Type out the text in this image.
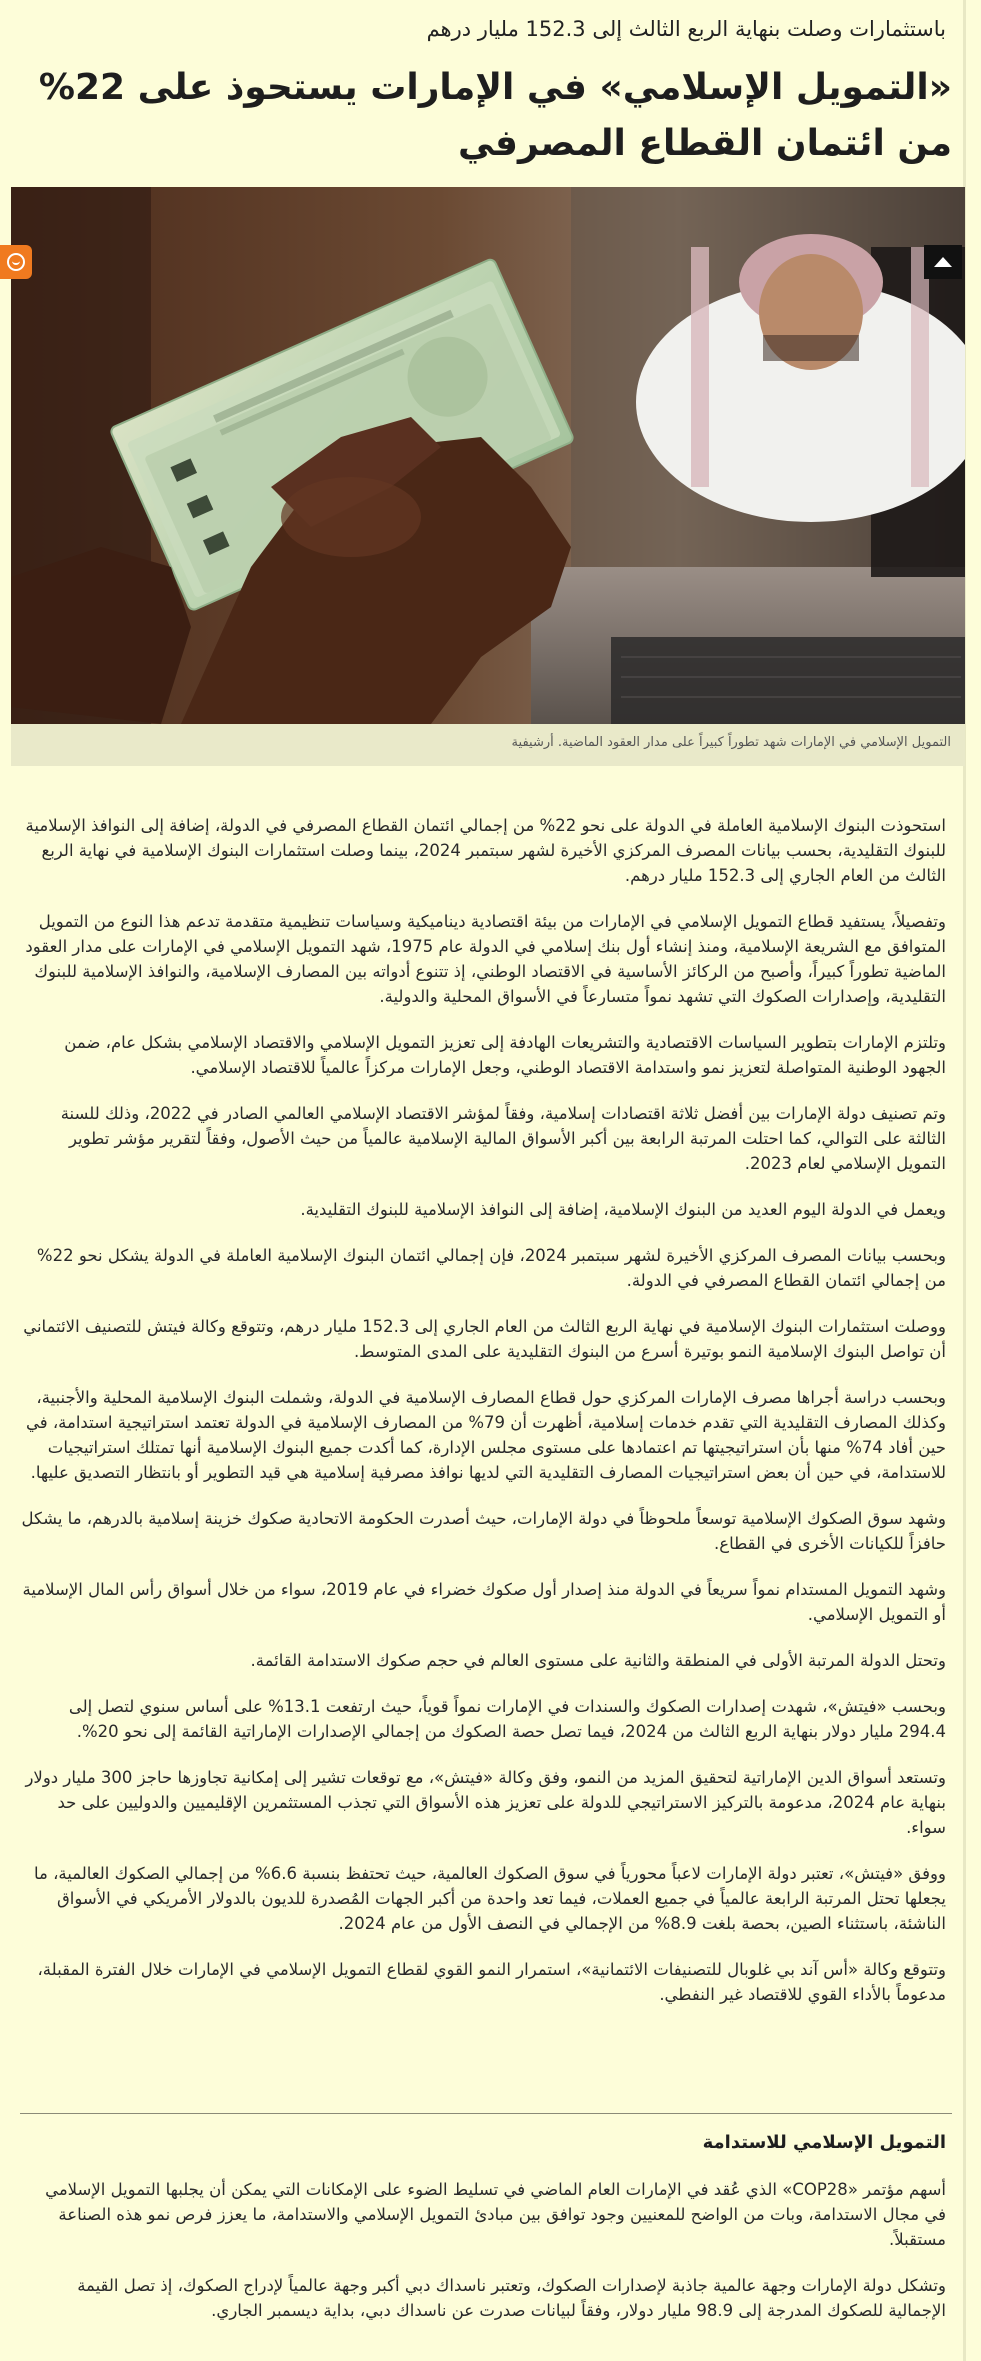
باستثمارات وصلت بنهاية الربع الثالث إلى 152.3 مليار درهم
«التمويل الإسلامي» في الإمارات يستحوذ على 22% من ائتمان القطاع المصرفي
التمويل الإسلامي في الإمارات شهد تطوراً كبيراً على مدار العقود الماضية. أرشيفية

استحوذت البنوك الإسلامية العاملة في الدولة على نحو 22% من إجمالي ائتمان القطاع المصرفي في الدولة، إضافة إلى النوافذ الإسلامية للبنوك التقليدية، بحسب بيانات المصرف المركزي الأخيرة لشهر سبتمبر 2024، بينما وصلت استثمارات البنوك الإسلامية في نهاية الربع الثالث من العام الجاري إلى 152.3 مليار درهم.

وتفصيلاً، يستفيد قطاع التمويل الإسلامي في الإمارات من بيئة اقتصادية ديناميكية وسياسات تنظيمية متقدمة تدعم هذا النوع من التمويل المتوافق مع الشريعة الإسلامية، ومنذ إنشاء أول بنك إسلامي في الدولة عام 1975، شهد التمويل الإسلامي في الإمارات على مدار العقود الماضية تطوراً كبيراً، وأصبح من الركائز الأساسية في الاقتصاد الوطني، إذ تتنوع أدواته بين المصارف الإسلامية، والنوافذ الإسلامية للبنوك التقليدية، وإصدارات الصكوك التي تشهد نمواً متسارعاً في الأسواق المحلية والدولية.

وتلتزم الإمارات بتطوير السياسات الاقتصادية والتشريعات الهادفة إلى تعزيز التمويل الإسلامي والاقتصاد الإسلامي بشكل عام، ضمن الجهود الوطنية المتواصلة لتعزيز نمو واستدامة الاقتصاد الوطني، وجعل الإمارات مركزاً عالمياً للاقتصاد الإسلامي.

وتم تصنيف دولة الإمارات بين أفضل ثلاثة اقتصادات إسلامية، وفقاً لمؤشر الاقتصاد الإسلامي العالمي الصادر في 2022، وذلك للسنة الثالثة على التوالي، كما احتلت المرتبة الرابعة بين أكبر الأسواق المالية الإسلامية عالمياً من حيث الأصول، وفقاً لتقرير مؤشر تطوير التمويل الإسلامي لعام 2023.

ويعمل في الدولة اليوم العديد من البنوك الإسلامية، إضافة إلى النوافذ الإسلامية للبنوك التقليدية.

وبحسب بيانات المصرف المركزي الأخيرة لشهر سبتمبر 2024، فإن إجمالي ائتمان البنوك الإسلامية العاملة في الدولة يشكل نحو 22% من إجمالي ائتمان القطاع المصرفي في الدولة.

ووصلت استثمارات البنوك الإسلامية في نهاية الربع الثالث من العام الجاري إلى 152.3 مليار درهم، وتتوقع وكالة فيتش للتصنيف الائتماني أن تواصل البنوك الإسلامية النمو بوتيرة أسرع من البنوك التقليدية على المدى المتوسط.

وبحسب دراسة أجراها مصرف الإمارات المركزي حول قطاع المصارف الإسلامية في الدولة، وشملت البنوك الإسلامية المحلية والأجنبية، وكذلك المصارف التقليدية التي تقدم خدمات إسلامية، أظهرت أن 79% من المصارف الإسلامية في الدولة تعتمد استراتيجية استدامة، في حين أفاد 74% منها بأن استراتيجيتها تم اعتمادها على مستوى مجلس الإدارة، كما أكدت جميع البنوك الإسلامية أنها تمتلك استراتيجيات للاستدامة، في حين أن بعض استراتيجيات المصارف التقليدية التي لديها نوافذ مصرفية إسلامية هي قيد التطوير أو بانتظار التصديق عليها.

وشهد سوق الصكوك الإسلامية توسعاً ملحوظاً في دولة الإمارات، حيث أصدرت الحكومة الاتحادية صكوك خزينة إسلامية بالدرهم، ما يشكل حافزاً للكيانات الأخرى في القطاع.

وشهد التمويل المستدام نمواً سريعاً في الدولة منذ إصدار أول صكوك خضراء في عام 2019، سواء من خلال أسواق رأس المال الإسلامية أو التمويل الإسلامي.

وتحتل الدولة المرتبة الأولى في المنطقة والثانية على مستوى العالم في حجم صكوك الاستدامة القائمة.

وبحسب «فيتش»، شهدت إصدارات الصكوك والسندات في الإمارات نمواً قوياً، حيث ارتفعت 13.1% على أساس سنوي لتصل إلى 294.4 مليار دولار بنهاية الربع الثالث من 2024، فيما تصل حصة الصكوك من إجمالي الإصدارات الإماراتية القائمة إلى نحو 20%.

وتستعد أسواق الدين الإماراتية لتحقيق المزيد من النمو، وفق وكالة «فيتش»، مع توقعات تشير إلى إمكانية تجاوزها حاجز 300 مليار دولار بنهاية عام 2024، مدعومة بالتركيز الاستراتيجي للدولة على تعزيز هذه الأسواق التي تجذب المستثمرين الإقليميين والدوليين على حد سواء.

ووفق «فيتش»، تعتبر دولة الإمارات لاعباً محورياً في سوق الصكوك العالمية، حيث تحتفظ بنسبة 6.6% من إجمالي الصكوك العالمية، ما يجعلها تحتل المرتبة الرابعة عالمياً في جميع العملات، فيما تعد واحدة من أكبر الجهات المُصدرة للديون بالدولار الأمريكي في الأسواق الناشئة، باستثناء الصين، بحصة بلغت 8.9% من الإجمالي في النصف الأول من عام 2024.

وتتوقع وكالة «أس آند بي غلوبال للتصنيفات الائتمانية»، استمرار النمو القوي لقطاع التمويل الإسلامي في الإمارات خلال الفترة المقبلة، مدعوماً بالأداء القوي للاقتصاد غير النفطي.

التمويل الإسلامي للاستدامة

أسهم مؤتمر «COP28» الذي عُقد في الإمارات العام الماضي في تسليط الضوء على الإمكانات التي يمكن أن يجلبها التمويل الإسلامي في مجال الاستدامة، وبات من الواضح للمعنيين وجود توافق بين مبادئ التمويل الإسلامي والاستدامة، ما يعزز فرص نمو هذه الصناعة مستقبلاً.

وتشكل دولة الإمارات وجهة عالمية جاذبة لإصدارات الصكوك، وتعتبر ناسداك دبي أكبر وجهة عالمياً لإدراج الصكوك، إذ تصل القيمة الإجمالية للصكوك المدرجة إلى 98.9 مليار دولار، وفقاً لبيانات صدرت عن ناسداك دبي، بداية ديسمبر الجاري.
